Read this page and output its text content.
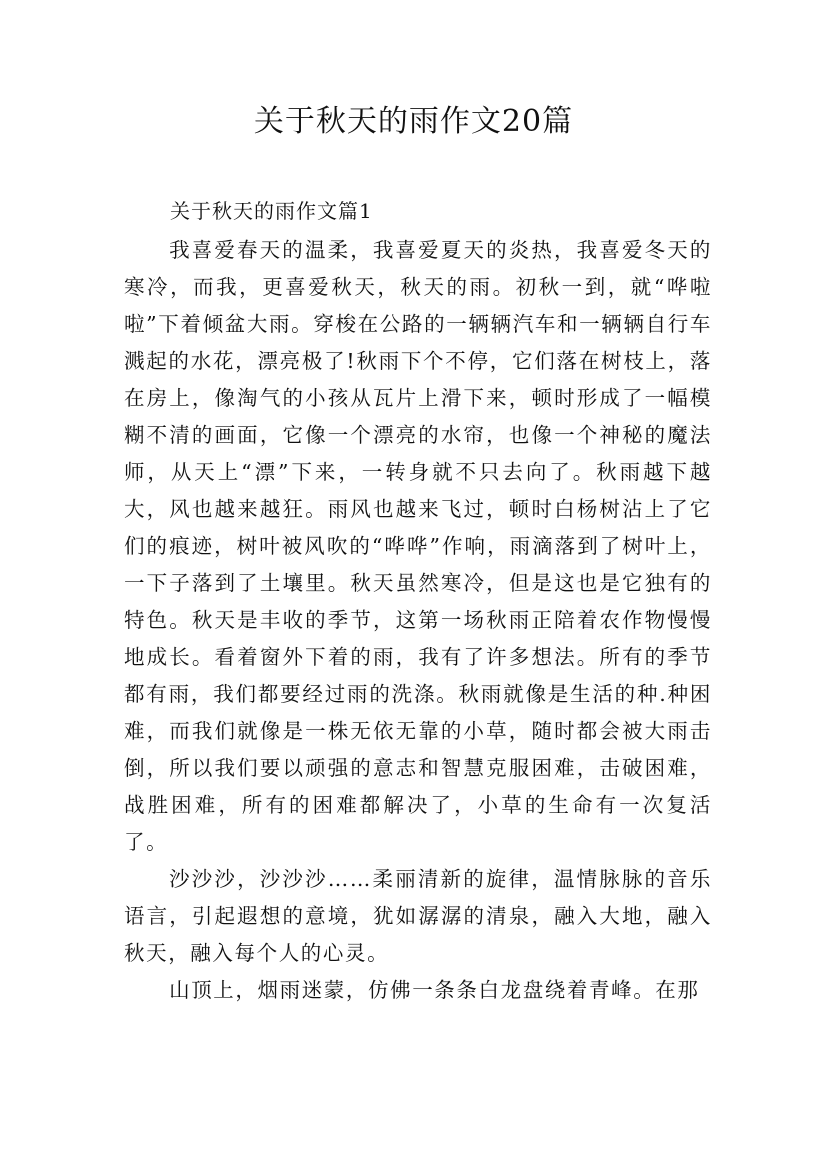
关于秋天的雨作文20篇
关于秋天的雨作文篇1

我喜爱春天的温柔，我喜爱夏天的炎热，我喜爱冬天的寒冷，而我，更喜爱秋天，秋天的雨。初秋一到，就“哗啦啦”下着倾盆大雨。穿梭在公路的一辆辆汽车和一辆辆自行车溅起的水花，漂亮极了!秋雨下个不停，它们落在树枝上，落在房上，像淘气的小孩从瓦片上滑下来，顿时形成了一幅模糊不清的画面，它像一个漂亮的水帘，也像一个神秘的魔法师，从天上“漂”下来，一转身就不只去向了。秋雨越下越大，风也越来越狂。雨风也越来飞过，顿时白杨树沾上了它们的痕迹，树叶被风吹的“哗哗”作响，雨滴落到了树叶上，一下子落到了土壤里。秋天虽然寒冷，但是这也是它独有的特色。秋天是丰收的季节，这第一场秋雨正陪着农作物慢慢地成长。看着窗外下着的雨，我有了许多想法。所有的季节都有雨，我们都要经过雨的洗涤。秋雨就像是生活的种.种困难，而我们就像是一株无依无靠的小草，随时都会被大雨击倒，所以我们要以顽强的意志和智慧克服困难，击破困难，战胜困难，所有的困难都解决了，小草的生命有一次复活了。

沙沙沙，沙沙沙……柔丽清新的旋律，温情脉脉的音乐语言，引起遐想的意境，犹如潺潺的清泉，融入大地，融入秋天，融入每个人的心灵。

山顶上，烟雨迷蒙，仿佛一条条白龙盘绕着青峰。在那
